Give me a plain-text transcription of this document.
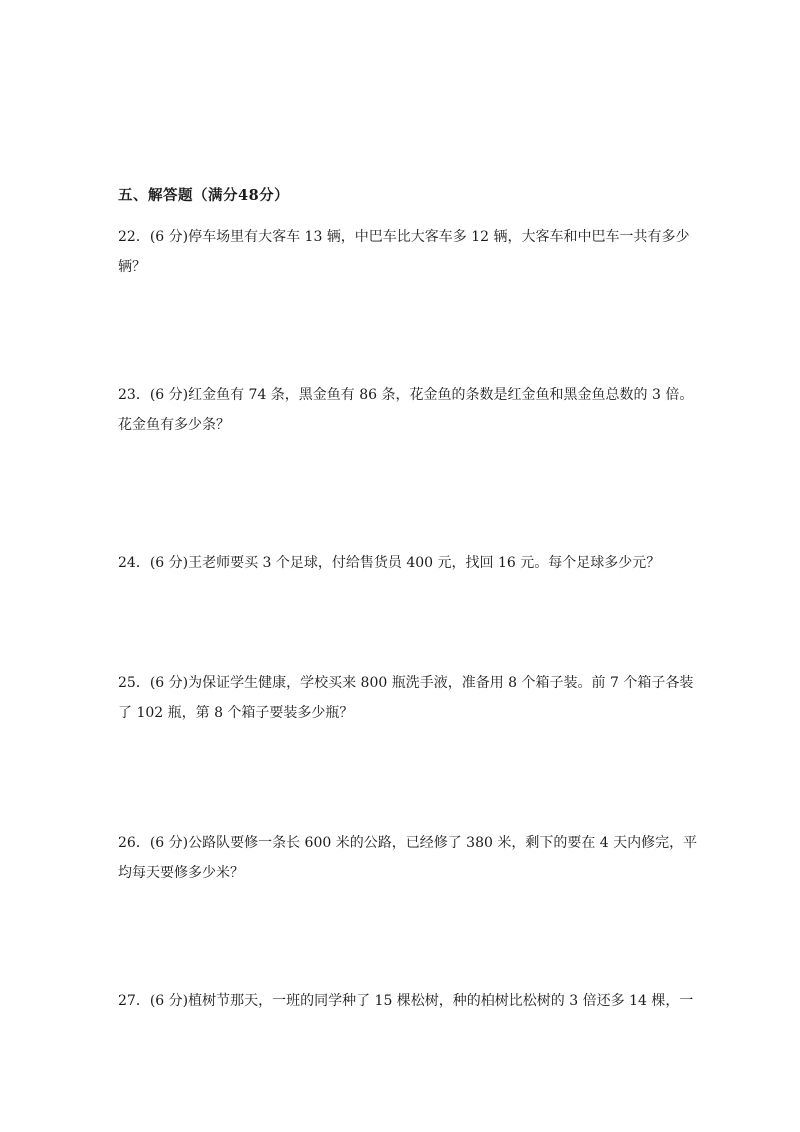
五、解答题（满分48分）
22．(6 分)停车场里有大客车 13 辆，中巴车比大客车多 12 辆，大客车和中巴车一共有多少
辆？
23．(6 分)红金鱼有 74 条，黑金鱼有 86 条，花金鱼的条数是红金鱼和黑金鱼总数的 3 倍。
花金鱼有多少条？
24．(6 分)王老师要买 3 个足球，付给售货员 400 元，找回 16 元。每个足球多少元？
25．(6 分)为保证学生健康，学校买来 800 瓶洗手液，准备用 8 个箱子装。前 7 个箱子各装
了 102 瓶，第 8 个箱子要装多少瓶？
26．(6 分)公路队要修一条长 600 米的公路，已经修了 380 米，剩下的要在 4 天内修完，平
均每天要修多少米？
27．(6 分)植树节那天，一班的同学种了 15 棵松树，种的柏树比松树的 3 倍还多 14 棵，一
